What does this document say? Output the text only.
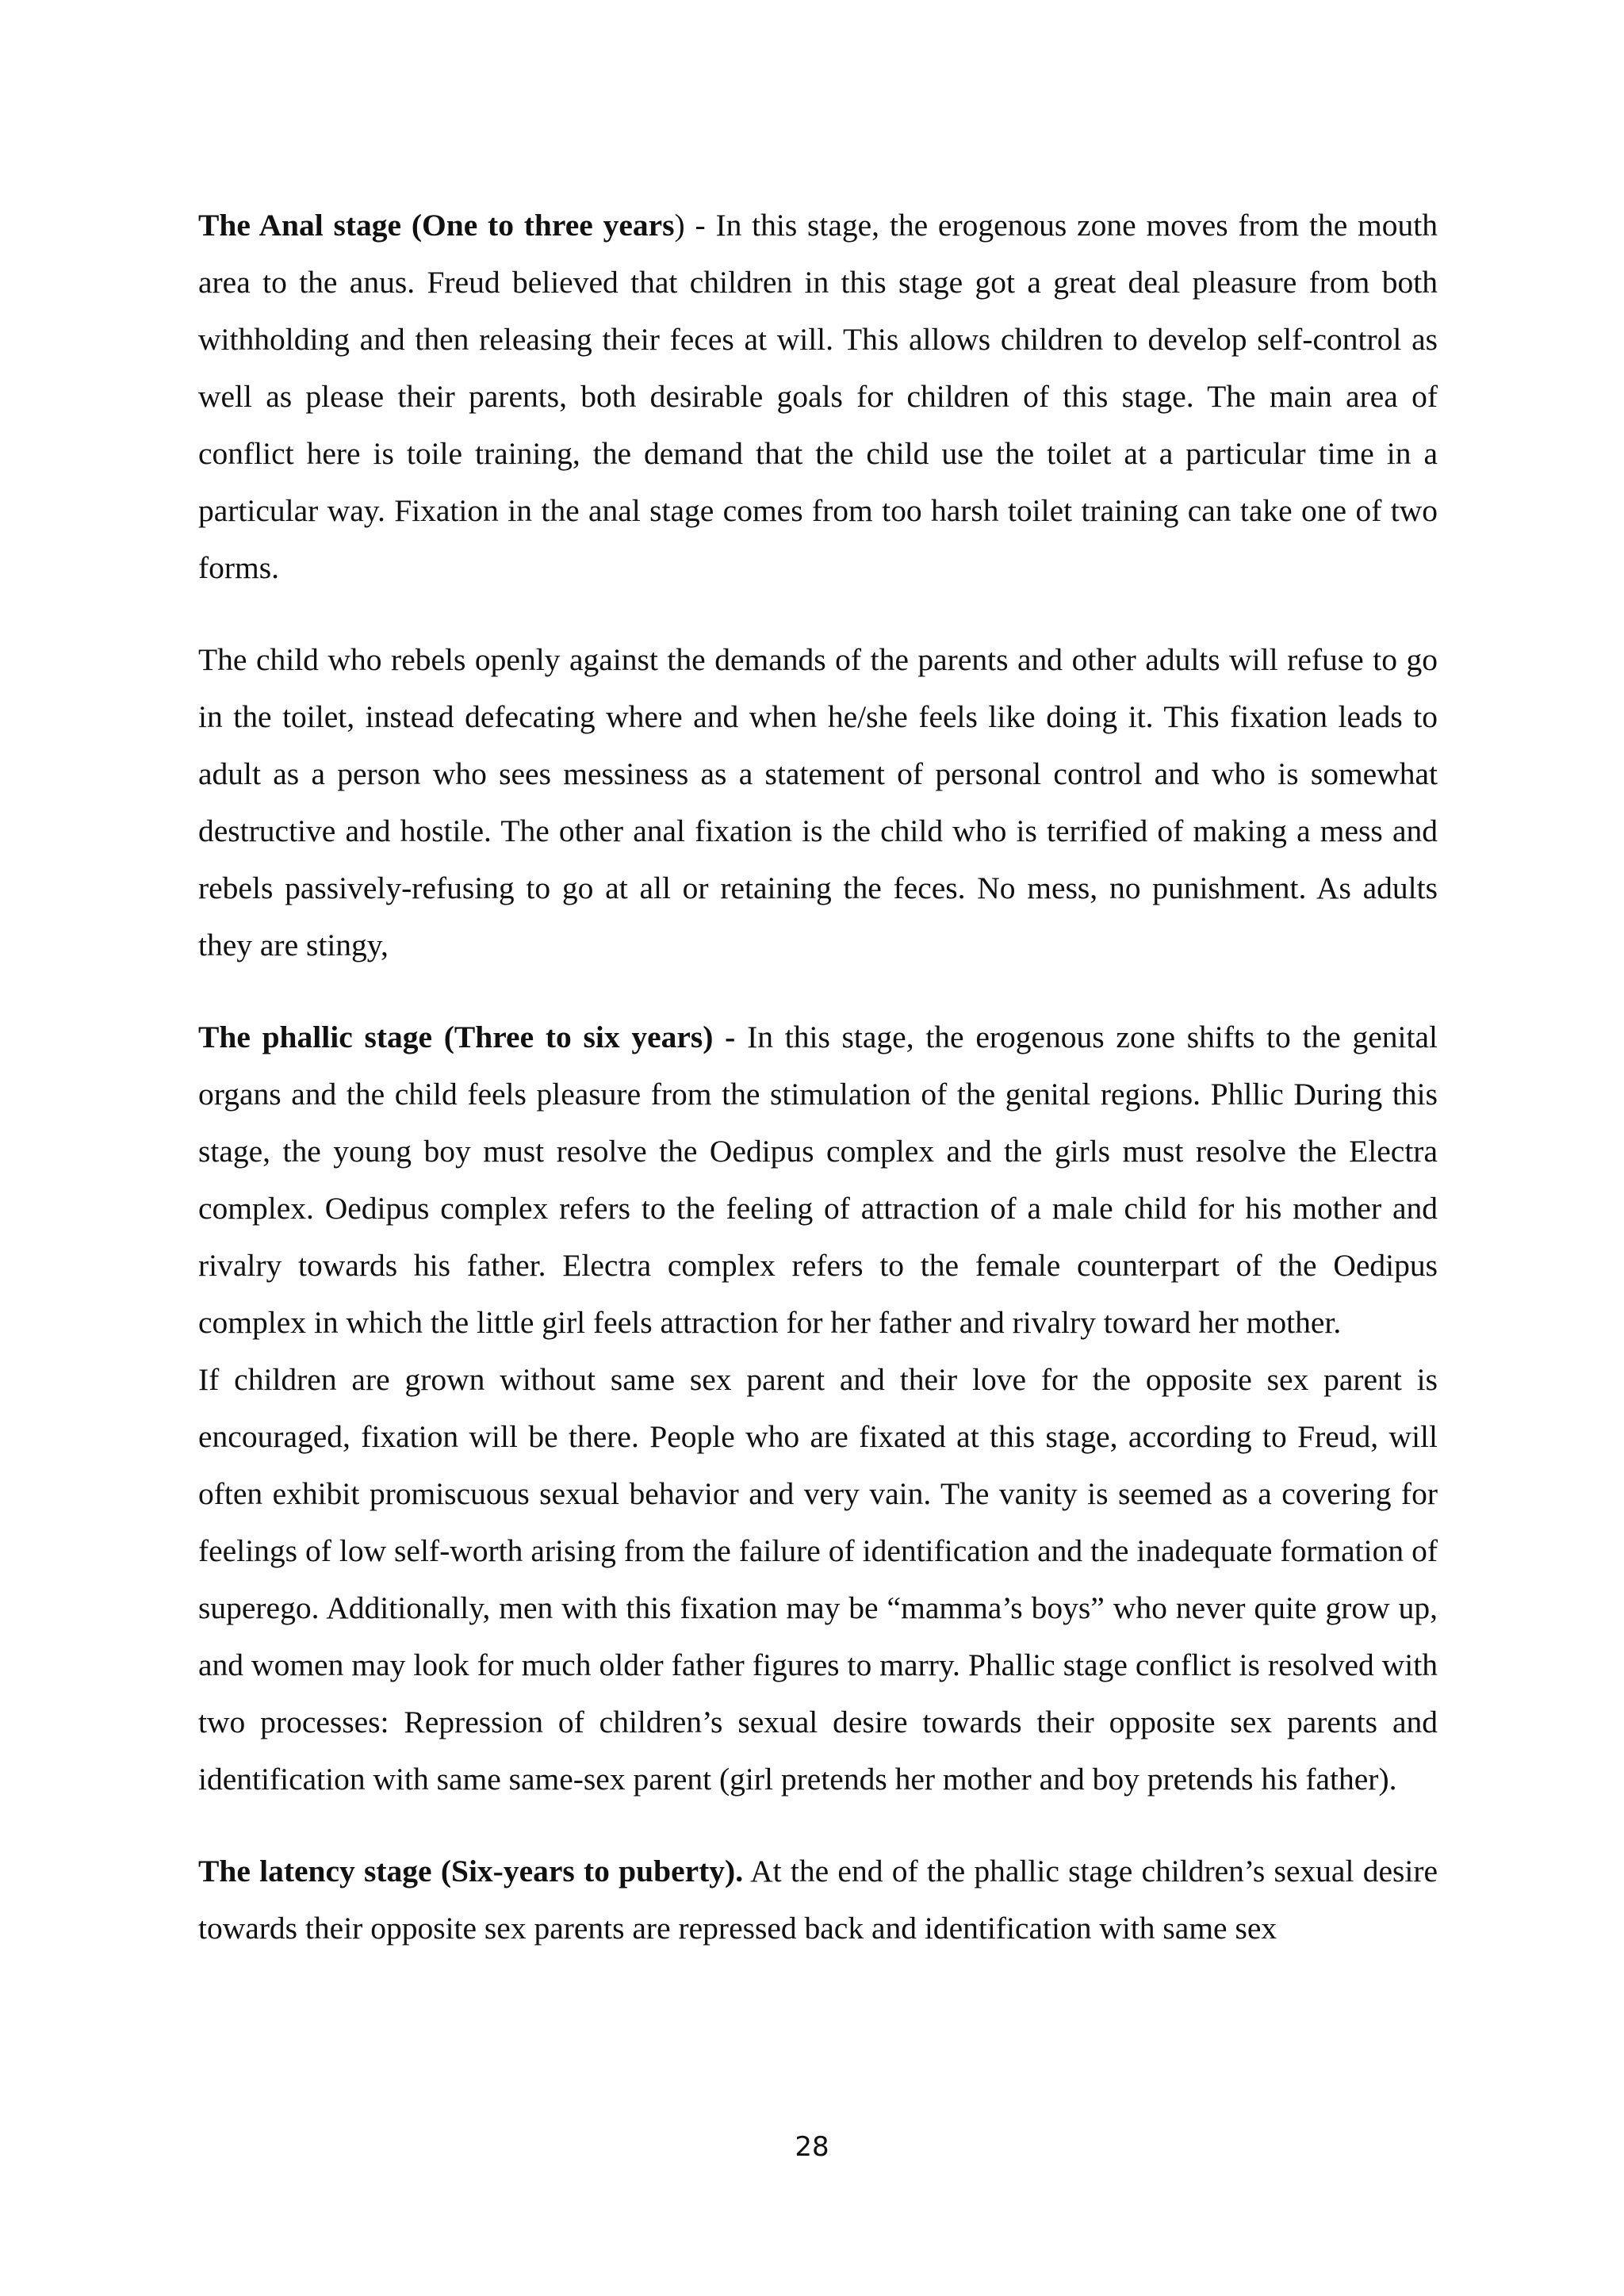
The Anal stage (One to three years) - In this stage, the erogenous zone moves from the mouth area to the anus. Freud believed that children in this stage got a great deal pleasure from both withholding and then releasing their feces at will. This allows children to develop self-control as well as please their parents, both desirable goals for children of this stage. The main area of conflict here is toile training, the demand that the child use the toilet at a particular time in a particular way. Fixation in the anal stage comes from too harsh toilet training can take one of two forms.

The child who rebels openly against the demands of the parents and other adults will refuse to go in the toilet, instead defecating where and when he/she feels like doing it. This fixation leads to adult as a person who sees messiness as a statement of personal control and who is somewhat destructive and hostile. The other anal fixation is the child who is terrified of making a mess and rebels passively-refusing to go at all or retaining the feces. No mess, no punishment. As adults they are stingy,

The phallic stage (Three to six years) - In this stage, the erogenous zone shifts to the genital organs and the child feels pleasure from the stimulation of the genital regions. Phllic During this stage, the young boy must resolve the Oedipus complex and the girls must resolve the Electra complex. Oedipus complex refers to the feeling of attraction of a male child for his mother and rivalry towards his father. Electra complex refers to the female counterpart of the Oedipus complex in which the little girl feels attraction for her father and rivalry toward her mother.

If children are grown without same sex parent and their love for the opposite sex parent is encouraged, fixation will be there. People who are fixated at this stage, according to Freud, will often exhibit promiscuous sexual behavior and very vain. The vanity is seemed as a covering for feelings of low self-worth arising from the failure of identification and the inadequate formation of superego. Additionally, men with this fixation may be “mamma’s boys” who never quite grow up, and women may look for much older father figures to marry. Phallic stage conflict is resolved with two processes: Repression of children’s sexual desire towards their opposite sex parents and identification with same same-sex parent (girl pretends her mother and boy pretends his father).

The latency stage (Six-years to puberty). At the end of the phallic stage children’s sexual desire towards their opposite sex parents are repressed back and identification with same sex

28
